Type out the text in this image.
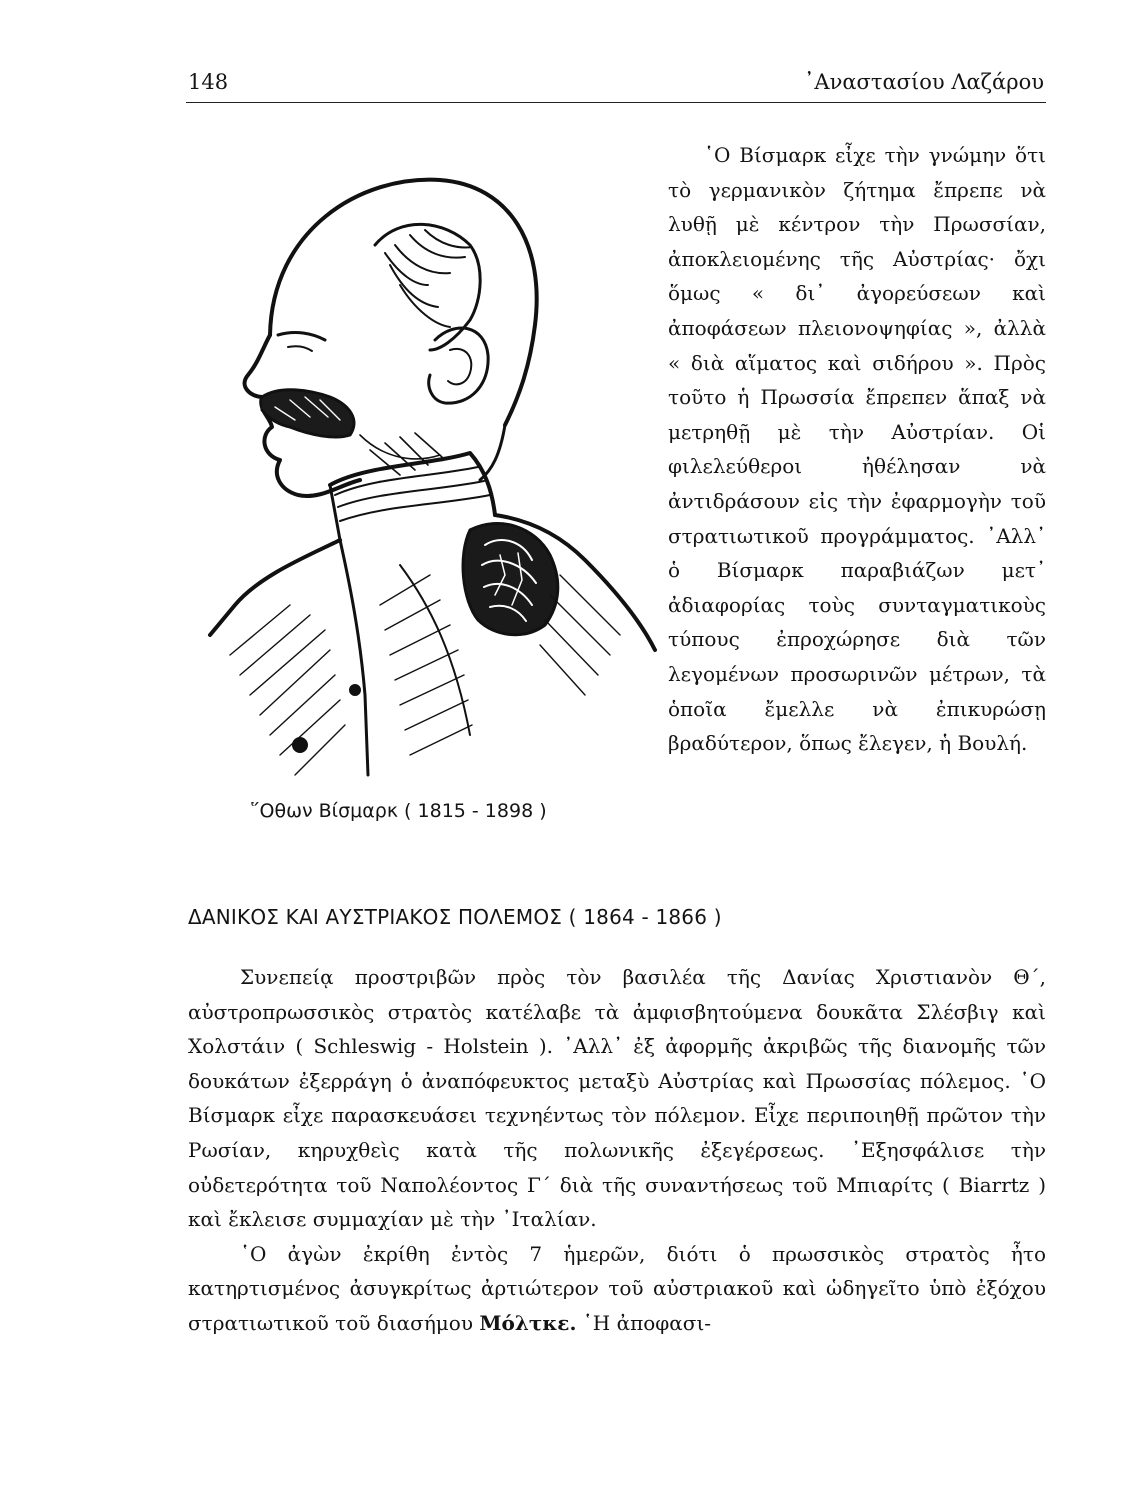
148	᾽Αναστασίου Λαζάρου
῞Οθων Βίσμαρκ ( 1815 - 1898 )

῾Ο Βίσμαρκ εἶχε τὴν γνώμην ὅτι τὸ γερμανικὸν ζήτημα ἔπρεπε νὰ λυθῇ μὲ κέντρον τὴν Πρωσσίαν, ἀποκλειομένης τῆς Αὐστρίας· ὄχι ὅμως « δι᾽ ἀγορεύσεων καὶ ἀποφάσεων πλειονοψηφίας », ἀλλὰ « διὰ αἵματος καὶ σιδήρου ». Πρὸς τοῦτο ἡ Πρωσσία ἔπρεπεν ἅπαξ νὰ μετρηθῇ μὲ τὴν Αὐστρίαν. Οἱ φιλελεύθεροι ἠθέλησαν νὰ ἀντιδράσουν εἰς τὴν ἐφαρμογὴν τοῦ στρατιωτικοῦ προγράμματος. ᾽Αλλ᾽ ὁ Βίσμαρκ παραβιάζων μετ᾽ ἀδιαφορίας τοὺς συνταγματικοὺς τύπους ἐπροχώρησε διὰ τῶν λεγομένων προσωρινῶν μέτρων, τὰ ὁποῖα ἔμελλε νὰ ἐπικυρώσῃ βραδύτερον, ὅπως ἔλεγεν, ἡ Βουλή.

ΔΑΝΙΚΟΣ ΚΑΙ ΑΥΣΤΡΙΑΚΟΣ ΠΟΛΕΜΟΣ ( 1864 - 1866 )

Συνεπείᾳ προστριβῶν πρὸς τὸν βασιλέα τῆς Δανίας Χριστιανὸν Θ΄, αὐστροπρωσσικὸς στρατὸς κατέλαβε τὰ ἀμφισβητούμενα δουκᾶτα Σλέσβιγ καὶ Χολστάιν ( Schleswig - Holstein ). ᾽Αλλ᾽ ἐξ ἀφορμῆς ἀκριβῶς τῆς διανομῆς τῶν δουκάτων ἐξερράγη ὁ ἀναπόφευκτος μεταξὺ Αὐστρίας καὶ Πρωσσίας πόλεμος. ῾Ο Βίσμαρκ εἶχε παρασκευάσει τεχνηέντως τὸν πόλεμον. Εἶχε περιποιηθῇ πρῶτον τὴν Ρωσίαν, κηρυχθεὶς κατὰ τῆς πολωνικῆς ἐξεγέρσεως. ᾽Εξησφάλισε τὴν οὐδετερότητα τοῦ Ναπολέοντος Γ΄ διὰ τῆς συναντήσεως τοῦ Μπιαρίτς ( Biarrtz ) καὶ ἔκλεισε συμμαχίαν μὲ τὴν ᾽Ιταλίαν.

῾Ο ἀγὼν ἐκρίθη ἐντὸς 7 ἡμερῶν, διότι ὁ πρωσσικὸς στρατὸς ἦτο κατηρτισμένος ἀσυγκρίτως ἀρτιώτερον τοῦ αὐστριακοῦ καὶ ὡδηγεῖτο ὑπὸ ἐξόχου στρατιωτικοῦ τοῦ διασήμου Μόλτκε. ῾Η ἀποφασι-
